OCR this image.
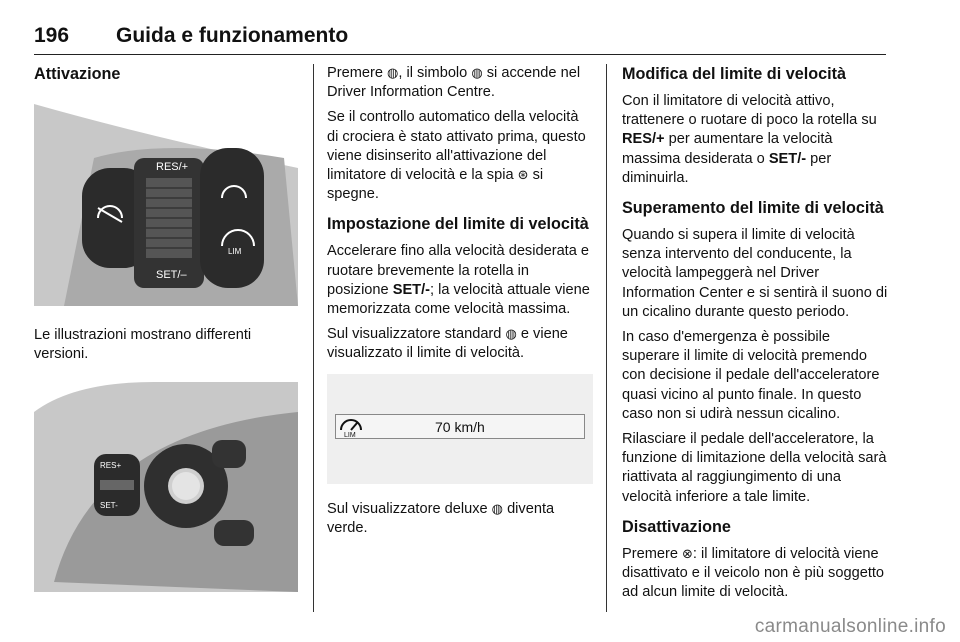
196 Guida e funzionamento
Attivazione
RES/+
SET/–
LIM

Le illustrazioni mostrano differenti versioni.

RES+
SET-

Premere ◍, il simbolo ◍ si accende nel Driver Information Centre.

Se il controllo automatico della velocità di crociera è stato attivato prima, questo viene disinserito all'attivazione del limitatore di velocità e la spia ⊛ si spegne.

Impostazione del limite di velocità

Accelerare fino alla velocità desiderata e ruotare brevemente la rotella in posizione SET/-; la velocità attuale viene memorizzata come velocità massima.

Sul visualizzatore standard ◍ e viene visualizzato il limite di velocità.

LIM
70 km/h

Sul visualizzatore deluxe ◍ diventa verde.

Modifica del limite di velocità

Con il limitatore di velocità attivo, trattenere o ruotare di poco la rotella su RES/+ per aumentare la velocità massima desiderata o SET/- per diminuirla.

Superamento del limite di velocità

Quando si supera il limite di velocità senza intervento del conducente, la velocità lampeggerà nel Driver Information Center e si sentirà il suono di un cicalino durante questo periodo.

In caso d'emergenza è possibile superare il limite di velocità premendo con decisione il pedale dell'acceleratore quasi vicino al punto finale. In questo caso non si udirà nessun cicalino.

Rilasciare il pedale dell'acceleratore, la funzione di limitazione della velocità sarà riattivata al raggiungimento di una velocità inferiore a tale limite.

Disattivazione

Premere ⊗: il limitatore di velocità viene disattivato e il veicolo non è più soggetto ad alcun limite di velocità.

carmanualsonline.info
